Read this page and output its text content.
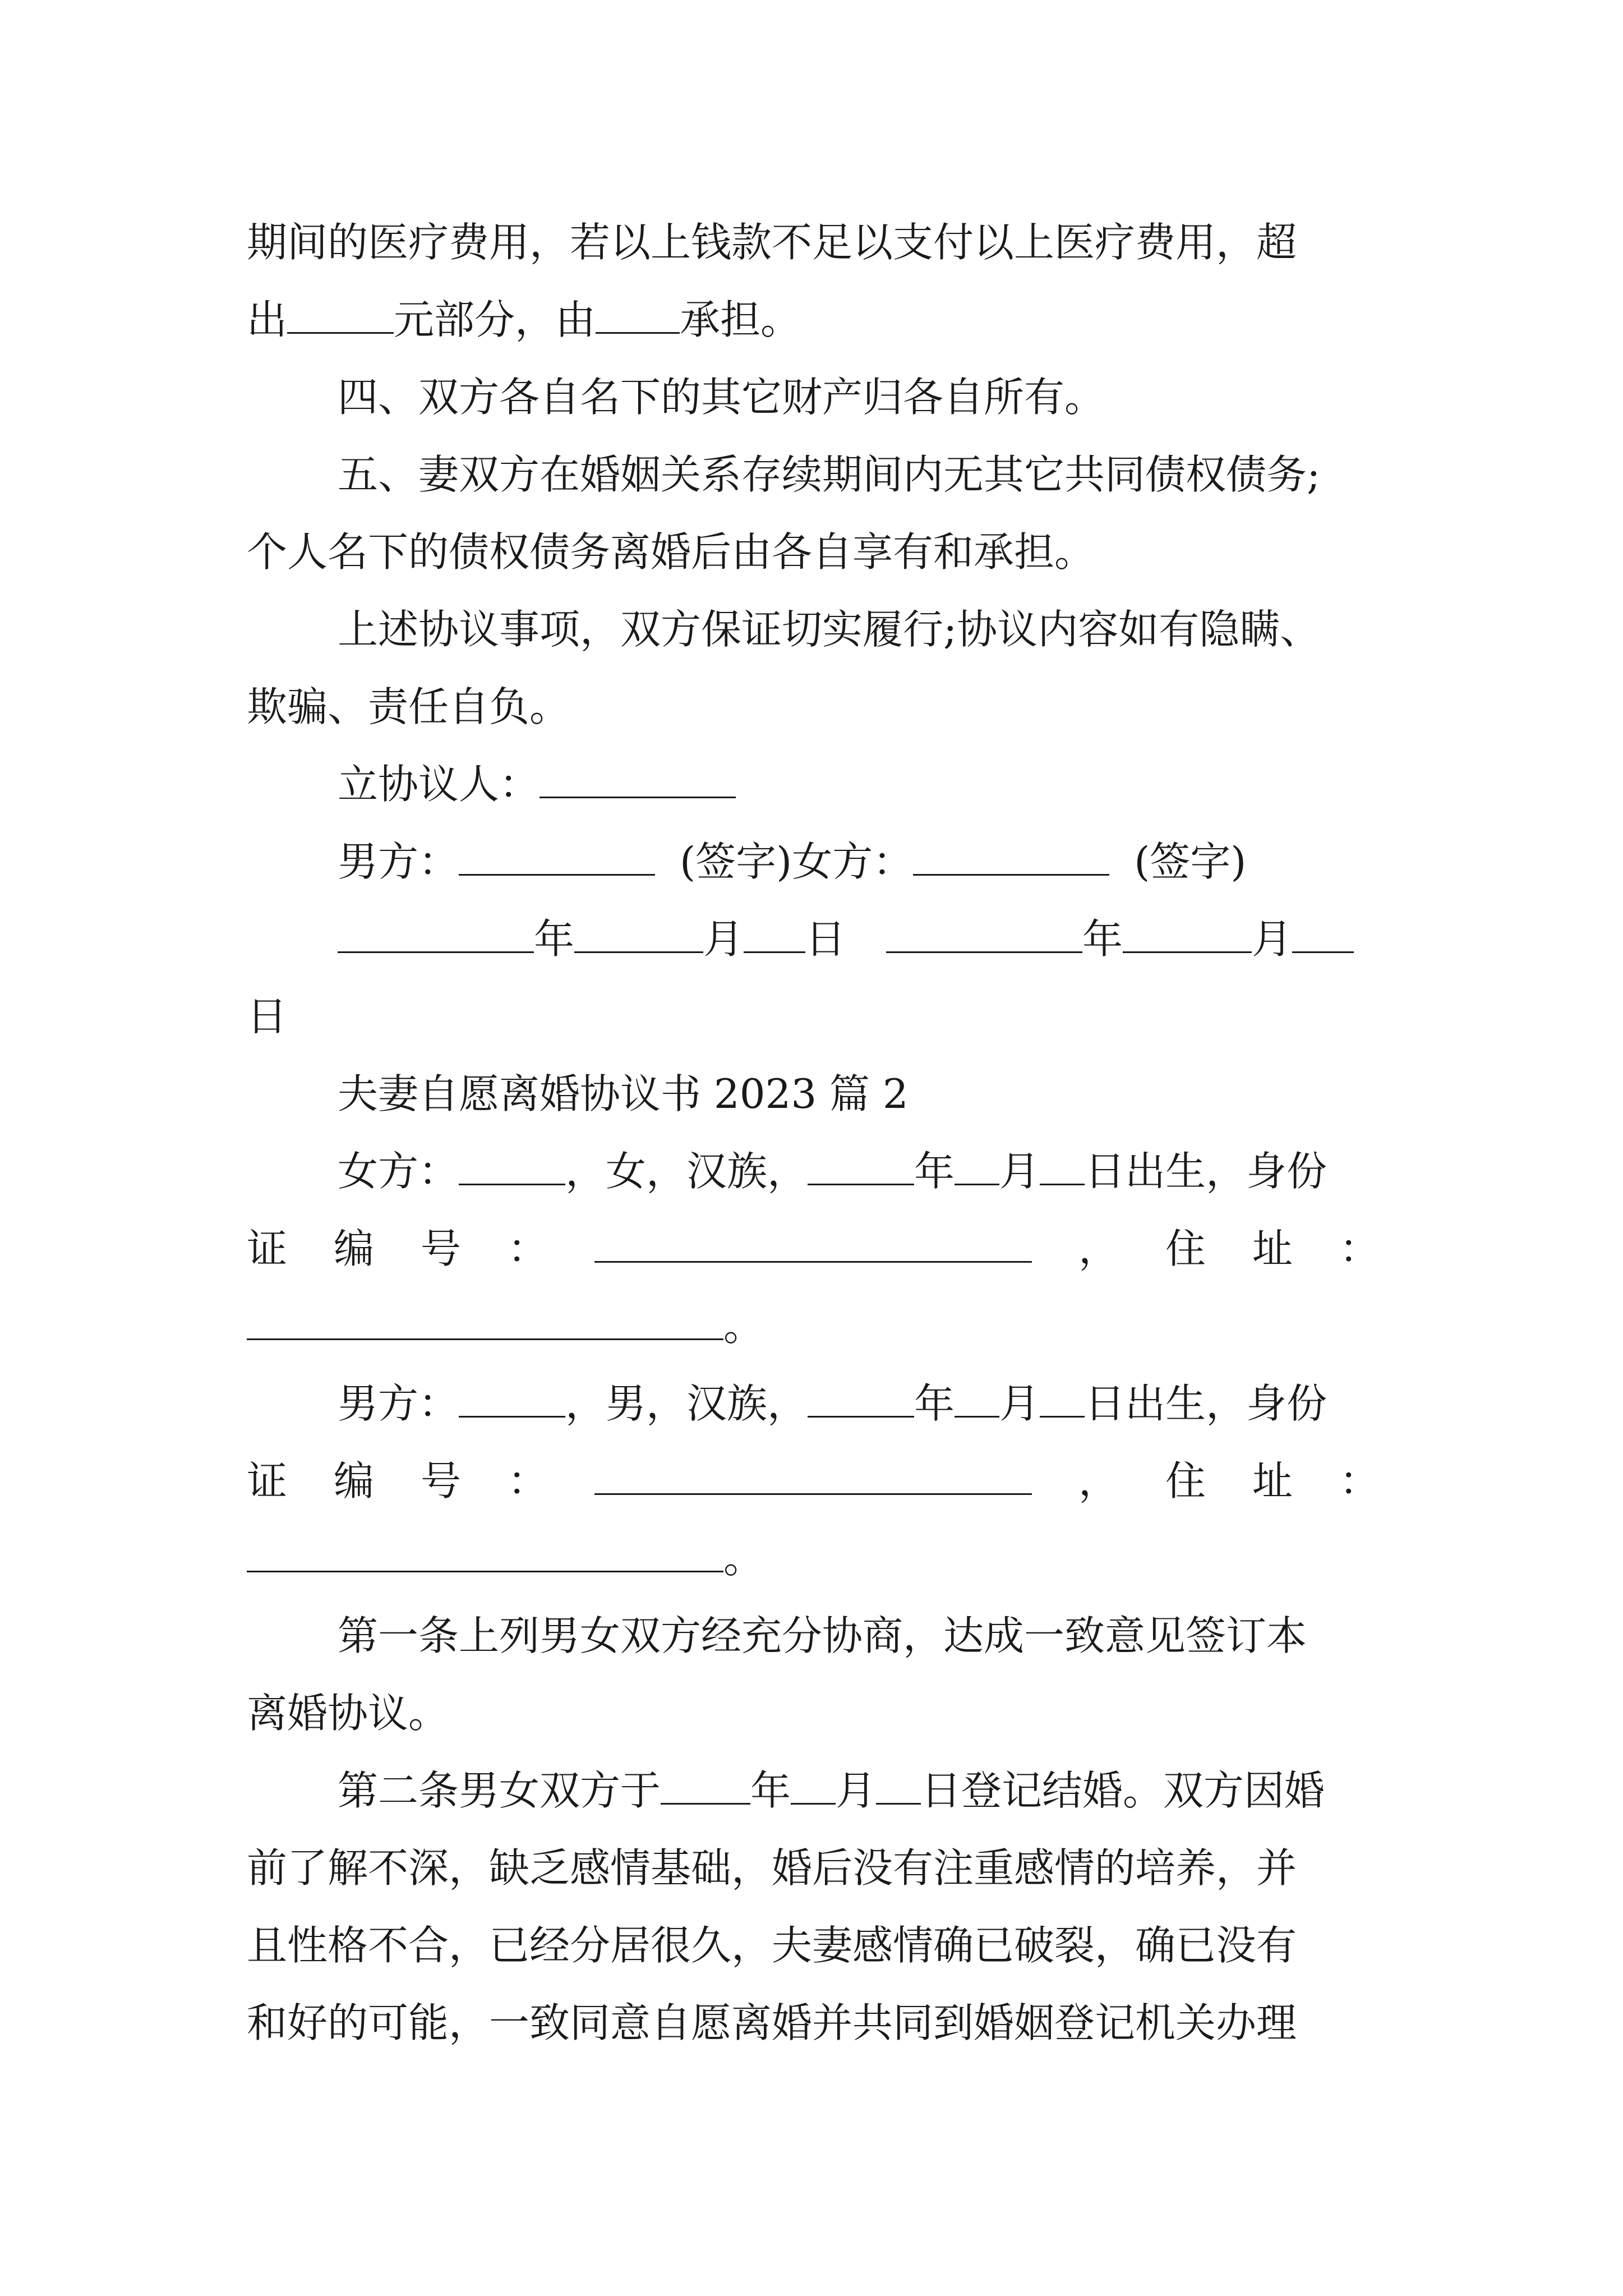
期间的医疗费用，若以上钱款不足以支付以上医疗费用，超
出	元部分，由 承担。
四、双方各自名下的其它财产归各自所有。
五、妻双方在婚姻关系存续期间内无其它共同债权债务;
个人名下的债权债务离婚后由各自享有和承担。
上述协议事项，双方保证切实履行;协议内容如有隐瞒、
欺骗、责任自负。
立协议人：
男方：	(签字)女方：	(签字)
年	月 日	年	月
日
夫妻自愿离婚协议书 2023 篇 2
女方：	，女，汉族，	年 月 日出生，身份
证 编 号 ：	， 住 址 ：
。
男方：	，男，汉族，	年 月 日出生，身份
证 编 号 ：	， 住 址 ：
。
第一条上列男女双方经充分协商，达成一致意见签订本
离婚协议。
第二条男女双方于 年 月 日登记结婚。双方因婚
前了解不深，缺乏感情基础，婚后没有注重感情的培养，并
且性格不合，已经分居很久，夫妻感情确已破裂，确已没有
和好的可能，一致同意自愿离婚并共同到婚姻登记机关办理
